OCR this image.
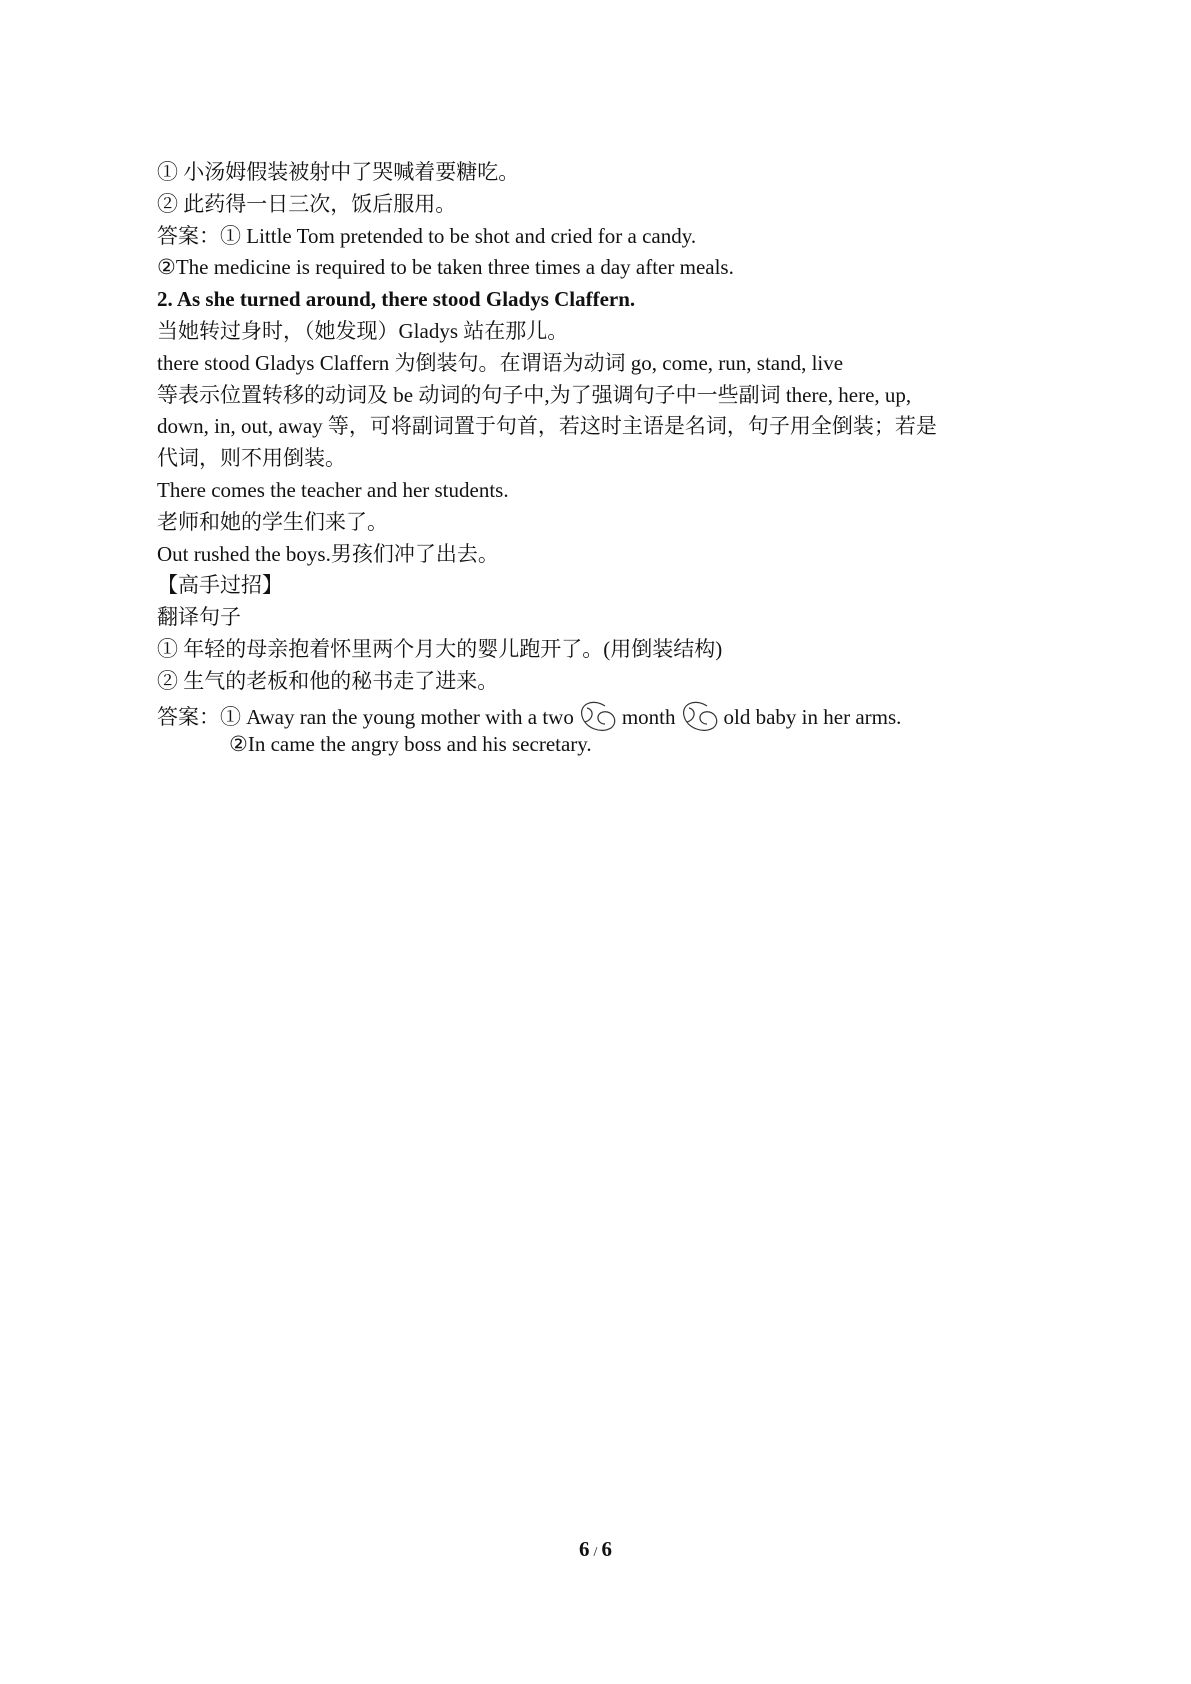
① 小汤姆假装被射中了哭喊着要糖吃。
② 此药得一日三次，饭后服用。
答案：① Little Tom pretended to be shot and cried for a candy.
②The medicine is required to be taken three times a day after meals.
2. As she turned around, there stood Gladys Claffern.
当她转过身时，（她发现）Gladys 站在那儿。
there stood Gladys Claffern 为倒装句。在谓语为动词 go, come, run, stand, live
等表示位置转移的动词及 be 动词的句子中,为了强调句子中一些副词 there, here, up,
down, in, out, away 等，可将副词置于句首，若这时主语是名词，句子用全倒装；若是
代词，则不用倒装。
There comes the teacher and her students.
老师和她的学生们来了。
Out rushed the boys.男孩们冲了出去。
【高手过招】
翻译句子
① 年轻的母亲抱着怀里两个月大的婴儿跑开了。(用倒装结构)
② 生气的老板和他的秘书走了进来。
答案：① Away ran the young mother with a two month old baby in her arms.
②In came the angry boss and his secretary.
6 / 6
